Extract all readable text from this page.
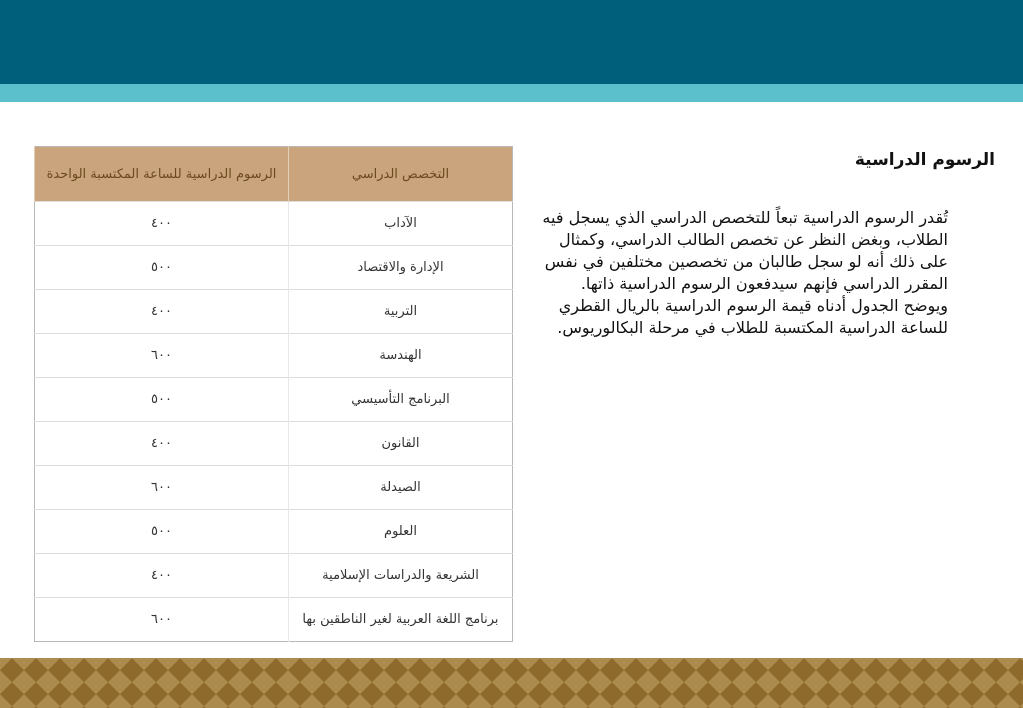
التخصص الدراسي	الرسوم الدراسية للساعة المكتسبة الواحدة
الآداب	٤٠٠
الإدارة والاقتصاد	٥٠٠
التربية	٤٠٠
الهندسة	٦٠٠
البرنامج التأسيسي	٥٠٠
القانون	٤٠٠
الصيدلة	٦٠٠
العلوم	٥٠٠
الشريعة والدراسات الإسلامية	٤٠٠
برنامج اللغة العربية لغير الناطقين بها	٦٠٠
الرسوم الدراسية

تُقدر الرسوم الدراسية تبعاً للتخصص الدراسي الذي يسجل فيه الطلاب، وبغض النظر عن تخصص الطالب الدراسي، وكمثال على ذلك أنه لو سجل طالبان من تخصصين مختلفين في نفس المقرر الدراسي فإنهم سيدفعون الرسوم الدراسية ذاتها. ويوضح الجدول أدناه قيمة الرسوم الدراسية بالريال القطري للساعة الدراسية المكتسبة للطلاب في مرحلة البكالوريوس.
